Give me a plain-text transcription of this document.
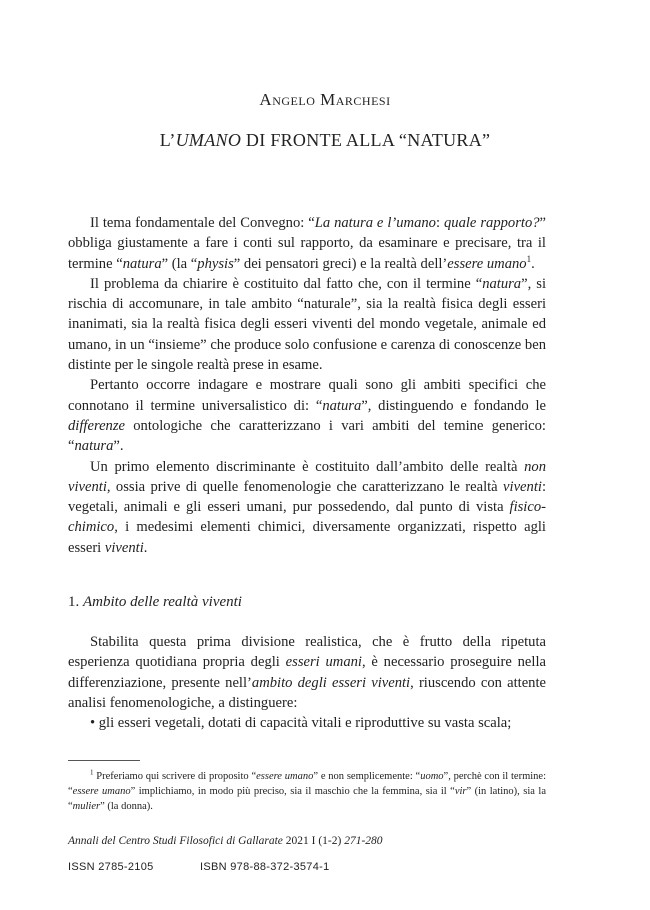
Angelo Marchesi
L’UMANO DI FRONTE ALLA “NATURA”

Il tema fondamentale del Convegno: “La natura e l’umano: quale rapporto?” obbliga giustamente a fare i conti sul rapporto, da esaminare e precisare, tra il termine “natura” (la “physis” dei pensatori greci) e la realtà dell’essere umano$^1$.

Il problema da chiarire è costituito dal fatto che, con il termine “natura”, si rischia di accomunare, in tale ambito “naturale”, sia la realtà fisica degli esseri inanimati, sia la realtà fisica degli esseri viventi del mondo vegetale, animale ed umano, in un “insieme” che produce solo confusione e carenza di conoscenze ben distinte per le singole realtà prese in esame.

Pertanto occorre indagare e mostrare quali sono gli ambiti specifici che connotano il termine universalistico di: “natura”, distinguendo e fondando le differenze ontologiche che caratterizzano i vari ambiti del temine generico: “natura”.

Un primo elemento discriminante è costituito dall’ambito delle realtà non viventi, ossia prive di quelle fenomenologie che caratterizzano le realtà viventi: vegetali, animali e gli esseri umani, pur possedendo, dal punto di vista fisico-chimico, i medesimi elementi chimici, diversamente organizzati, rispetto agli esseri viventi.

1. Ambito delle realtà viventi

Stabilita questa prima divisione realistica, che è frutto della ripetuta esperienza quotidiana propria degli esseri umani, è necessario proseguire nella differenziazione, presente nell’ambito degli esseri viventi, riuscendo con attente analisi fenomenologiche, a distinguere:

• gli esseri vegetali, dotati di capacità vitali e riproduttive su vasta scala;

$^1$ Preferiamo qui scrivere di proposito “essere umano” e non semplicemente: “uomo”, perchè con il termine: “essere umano” implichiamo, in modo più preciso, sia il maschio che la femmina, sia il “vir” (in latino), sia la “mulier” (la donna).
Annali del Centro Studi Filosofici di Gallarate 2021 I (1-2) 271-280
ISSN 2785-2105	ISBN 978-88-372-3574-1
